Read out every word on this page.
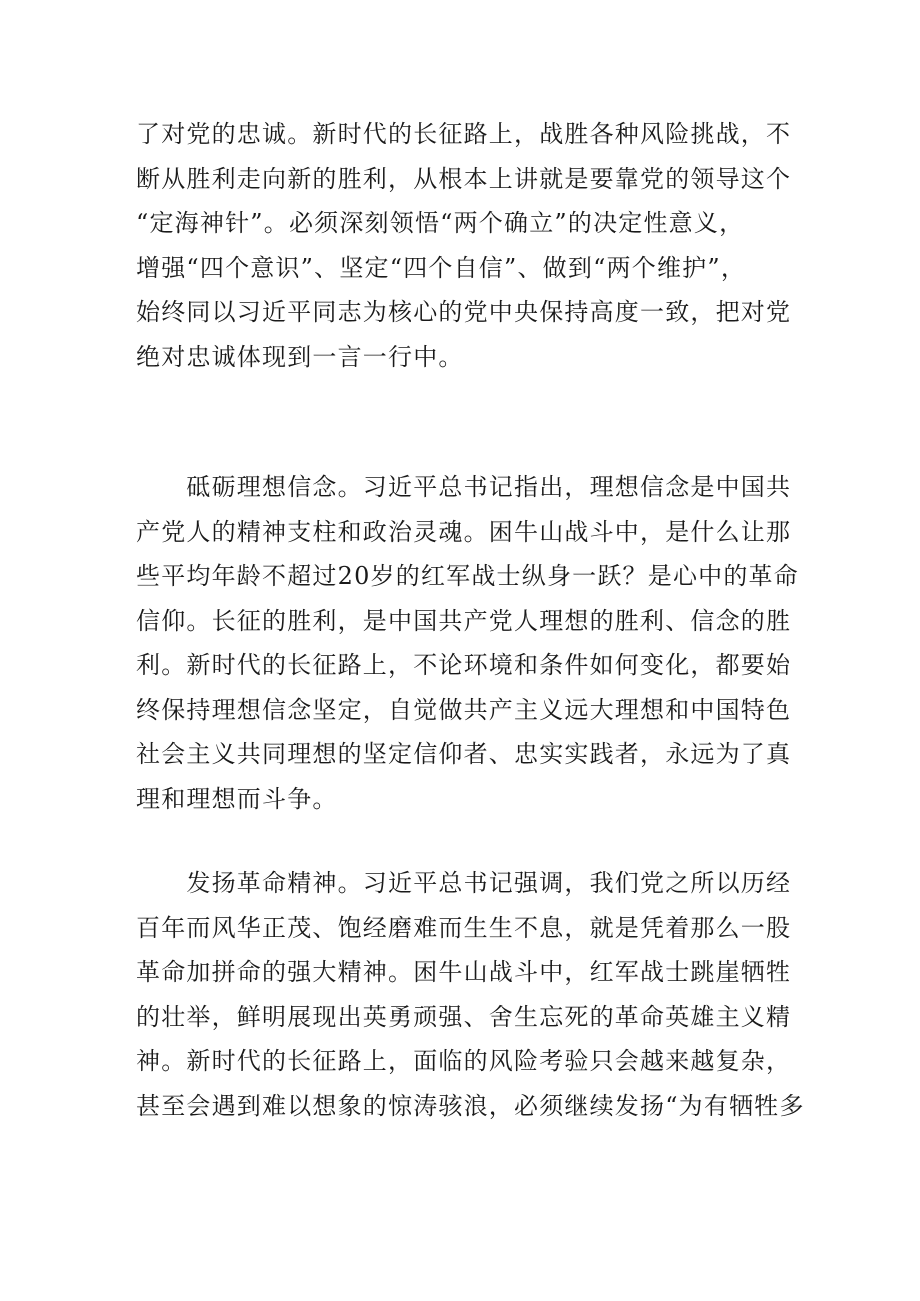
了对党的忠诚。新时代的长征路上，战胜各种风险挑战，不
断从胜利走向新的胜利，从根本上讲就是要靠党的领导这个
“定海神针”。必须深刻领悟“两个确立”的决定性意义，
增强“四个意识”、坚定“四个自信”、做到“两个维护”，
始终同以习近平同志为核心的党中央保持高度一致，把对党
绝对忠诚体现到一言一行中。
　　砥砺理想信念。习近平总书记指出，理想信念是中国共
产党人的精神支柱和政治灵魂。困牛山战斗中，是什么让那
些平均年龄不超过20岁的红军战士纵身一跃？是心中的革命
信仰。长征的胜利，是中国共产党人理想的胜利、信念的胜
利。新时代的长征路上，不论环境和条件如何变化，都要始
终保持理想信念坚定，自觉做共产主义远大理想和中国特色
社会主义共同理想的坚定信仰者、忠实实践者，永远为了真
理和理想而斗争。
　　发扬革命精神。习近平总书记强调，我们党之所以历经
百年而风华正茂、饱经磨难而生生不息，就是凭着那么一股
革命加拼命的强大精神。困牛山战斗中，红军战士跳崖牺牲
的壮举，鲜明展现出英勇顽强、舍生忘死的革命英雄主义精
神。新时代的长征路上，面临的风险考验只会越来越复杂，
甚至会遇到难以想象的惊涛骇浪，必须继续发扬“为有牺牲多
